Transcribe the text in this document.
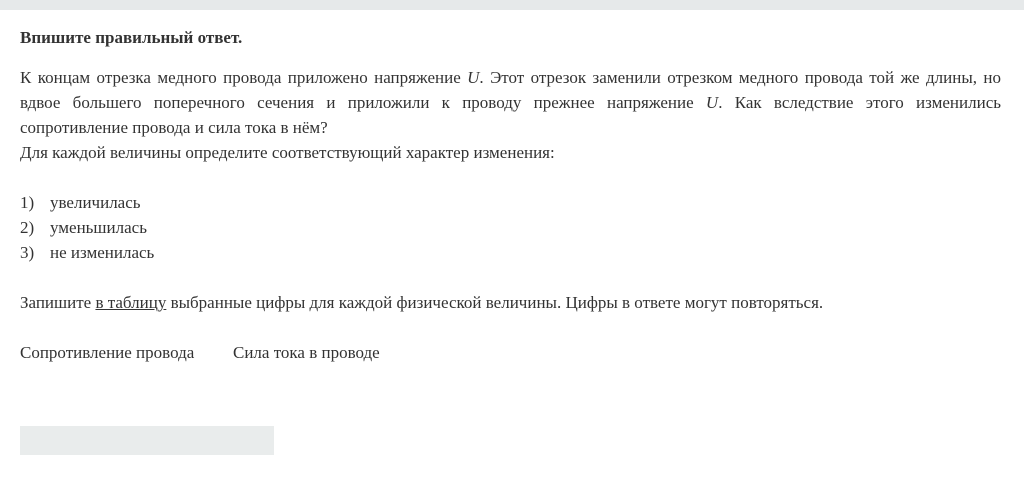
Впишите правильный ответ.

К концам отрезка медного провода приложено напряжение U. Этот отрезок заменили отрезком медного провода той же длины, но вдвое большего поперечного сечения и приложили к проводу прежнее напряжение U. Как вследствие этого изменились сопротивление провода и сила тока в нём?

Для каждой величины определите соответствующий характер изменения:

1) увеличилась
2) уменьшилась
3) не изменилась

Запишите в таблицу выбранные цифры для каждой физической величины. Цифры в ответе могут повторяться.

Сопротивление провода	Сила тока в проводе
